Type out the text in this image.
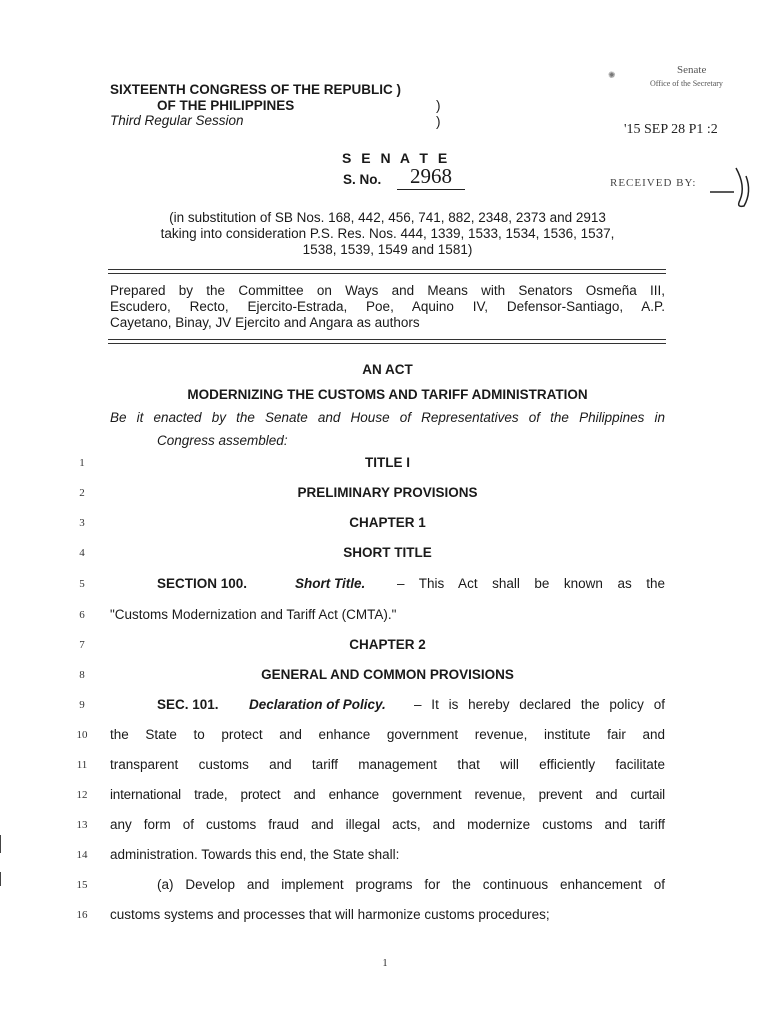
SIXTEENTH CONGRESS OF THE REPUBLIC )
OF THE PHILIPPINES	)
Third Regular Session	)
Senate
Office of the Secretary
✺
'15 SEP 28 P1 :2
RECEIVED BY:
S E N A T E
S. No.	2968
(in substitution of SB Nos. 168, 442, 456, 741, 882, 2348, 2373 and 2913
taking into consideration P.S. Res. Nos. 444, 1339, 1533, 1534, 1536, 1537,
1538, 1539, 1549 and 1581)
Prepared by the Committee on Ways and Means with Senators Osmeña III,
Escudero, Recto, Ejercito-Estrada, Poe, Aquino IV, Defensor-Santiago, A.P.
Cayetano, Binay, JV Ejercito and Angara as authors
AN ACT
MODERNIZING THE CUSTOMS AND TARIFF ADMINISTRATION
Be it enacted by the Senate and House of Representatives of the Philippines in
Congress assembled:
1	TITLE I
2	PRELIMINARY PROVISIONS
3	CHAPTER 1
4	SHORT TITLE
5	SECTION 100.	Short Title. – This Act shall be known as the
6	"Customs Modernization and Tariff Act (CMTA)."
7	CHAPTER 2
8	GENERAL AND COMMON PROVISIONS
9	SEC. 101. Declaration of Policy. – It is hereby declared the policy of
10	the State to protect and enhance government revenue, institute fair and
11	transparent customs and tariff management that will efficiently facilitate
12	international trade, protect and enhance government revenue, prevent and curtail
13	any form of customs fraud and illegal acts, and modernize customs and tariff
14	administration. Towards this end, the State shall:
15	(a) Develop and implement programs for the continuous enhancement of
16	customs systems and processes that will harmonize customs procedures;
1
